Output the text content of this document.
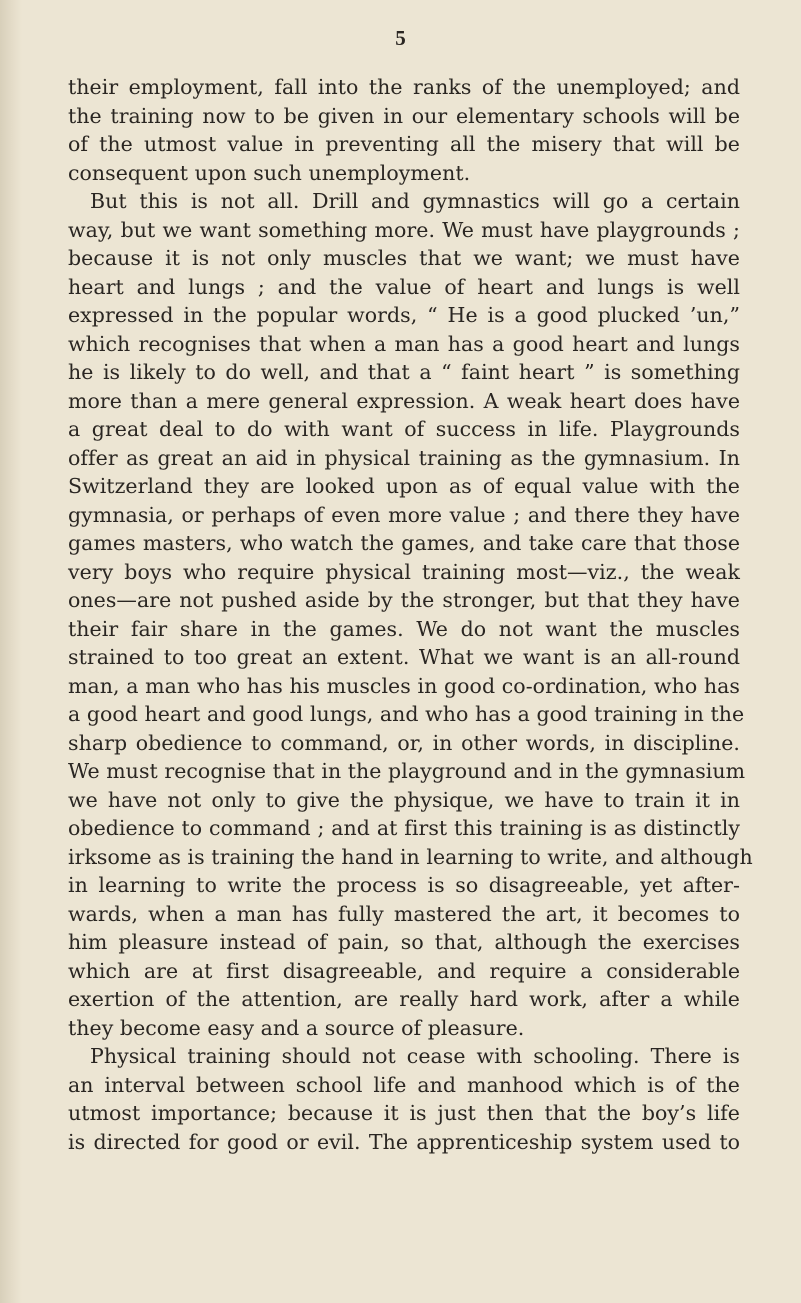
5
their employment, fall into the ranks of the unemployed; and
the training now to be given in our elementary schools will be
of the utmost value in preventing all the misery that will be
consequent upon such unemployment.
But this is not all. Drill and gymnastics will go a certain
way, but we want something more. We must have playgrounds ;
because it is not only muscles that we want; we must have
heart and lungs ; and the value of heart and lungs is well
expressed in the popular words, “ He is a good plucked ’un,”
which recognises that when a man has a good heart and lungs
he is likely to do well, and that a “ faint heart ” is something
more than a mere general expression. A weak heart does have
a great deal to do with want of success in life. Playgrounds
offer as great an aid in physical training as the gymnasium. In
Switzerland they are looked upon as of equal value with the
gymnasia, or perhaps of even more value ; and there they have
games masters, who watch the games, and take care that those
very boys who require physical training most—viz., the weak
ones—are not pushed aside by the stronger, but that they have
their fair share in the games. We do not want the muscles
strained to too great an extent. What we want is an all-round
man, a man who has his muscles in good co-ordination, who has
a good heart and good lungs, and who has a good training in the
sharp obedience to command, or, in other words, in discipline.
We must recognise that in the playground and in the gymnasium
we have not only to give the physique, we have to train it in
obedience to command ; and at first this training is as distinctly
irksome as is training the hand in learning to write, and although
in learning to write the process is so disagreeable, yet after-
wards, when a man has fully mastered the art, it becomes to
him pleasure instead of pain, so that, although the exercises
which are at first disagreeable, and require a considerable
exertion of the attention, are really hard work, after a while
they become easy and a source of pleasure.
Physical training should not cease with schooling. There is
an interval between school life and manhood which is of the
utmost importance; because it is just then that the boy’s life
is directed for good or evil. The apprenticeship system used to
